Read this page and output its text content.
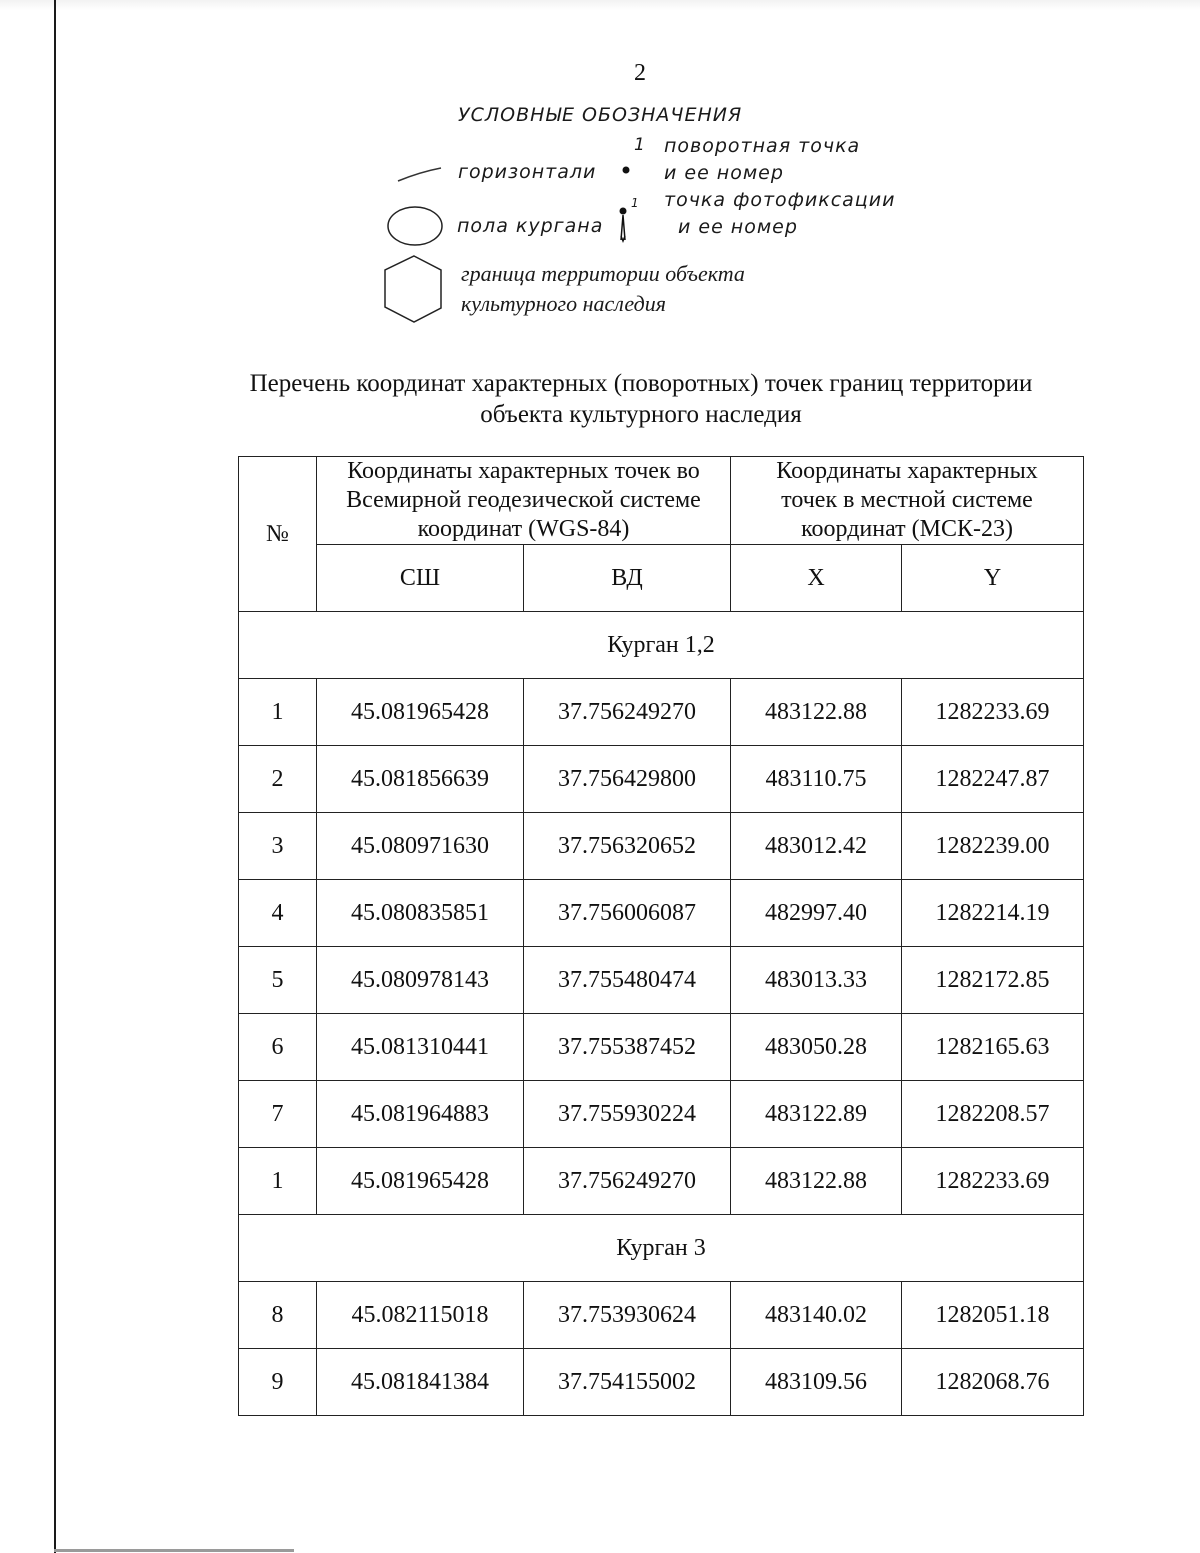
2
УСЛОВНЫЕ ОБОЗНАЧЕНИЯ
горизонтали
пола кургана
1 поворотная точка
и ее номер
1 точка фотофиксации
и ее номер
граница территории объекта
культурного наследия
Перечень координат характерных (поворотных) точек границ территории
объекта культурного наследия
№	Координаты характерных точек во Всемирной геодезической системе координат (WGS-84)		Координаты характерных точек в местной системе координат (МСК-23)	
	СШ	ВД	X	Y
Курган 1,2				
1	45.081965428	37.756249270	483122.88	1282233.69
2	45.081856639	37.756429800	483110.75	1282247.87
3	45.080971630	37.756320652	483012.42	1282239.00
4	45.080835851	37.756006087	482997.40	1282214.19
5	45.080978143	37.755480474	483013.33	1282172.85
6	45.081310441	37.755387452	483050.28	1282165.63
7	45.081964883	37.755930224	483122.89	1282208.57
1	45.081965428	37.756249270	483122.88	1282233.69
Курган 3				
8	45.082115018	37.753930624	483140.02	1282051.18
9	45.081841384	37.754155002	483109.56	1282068.76
